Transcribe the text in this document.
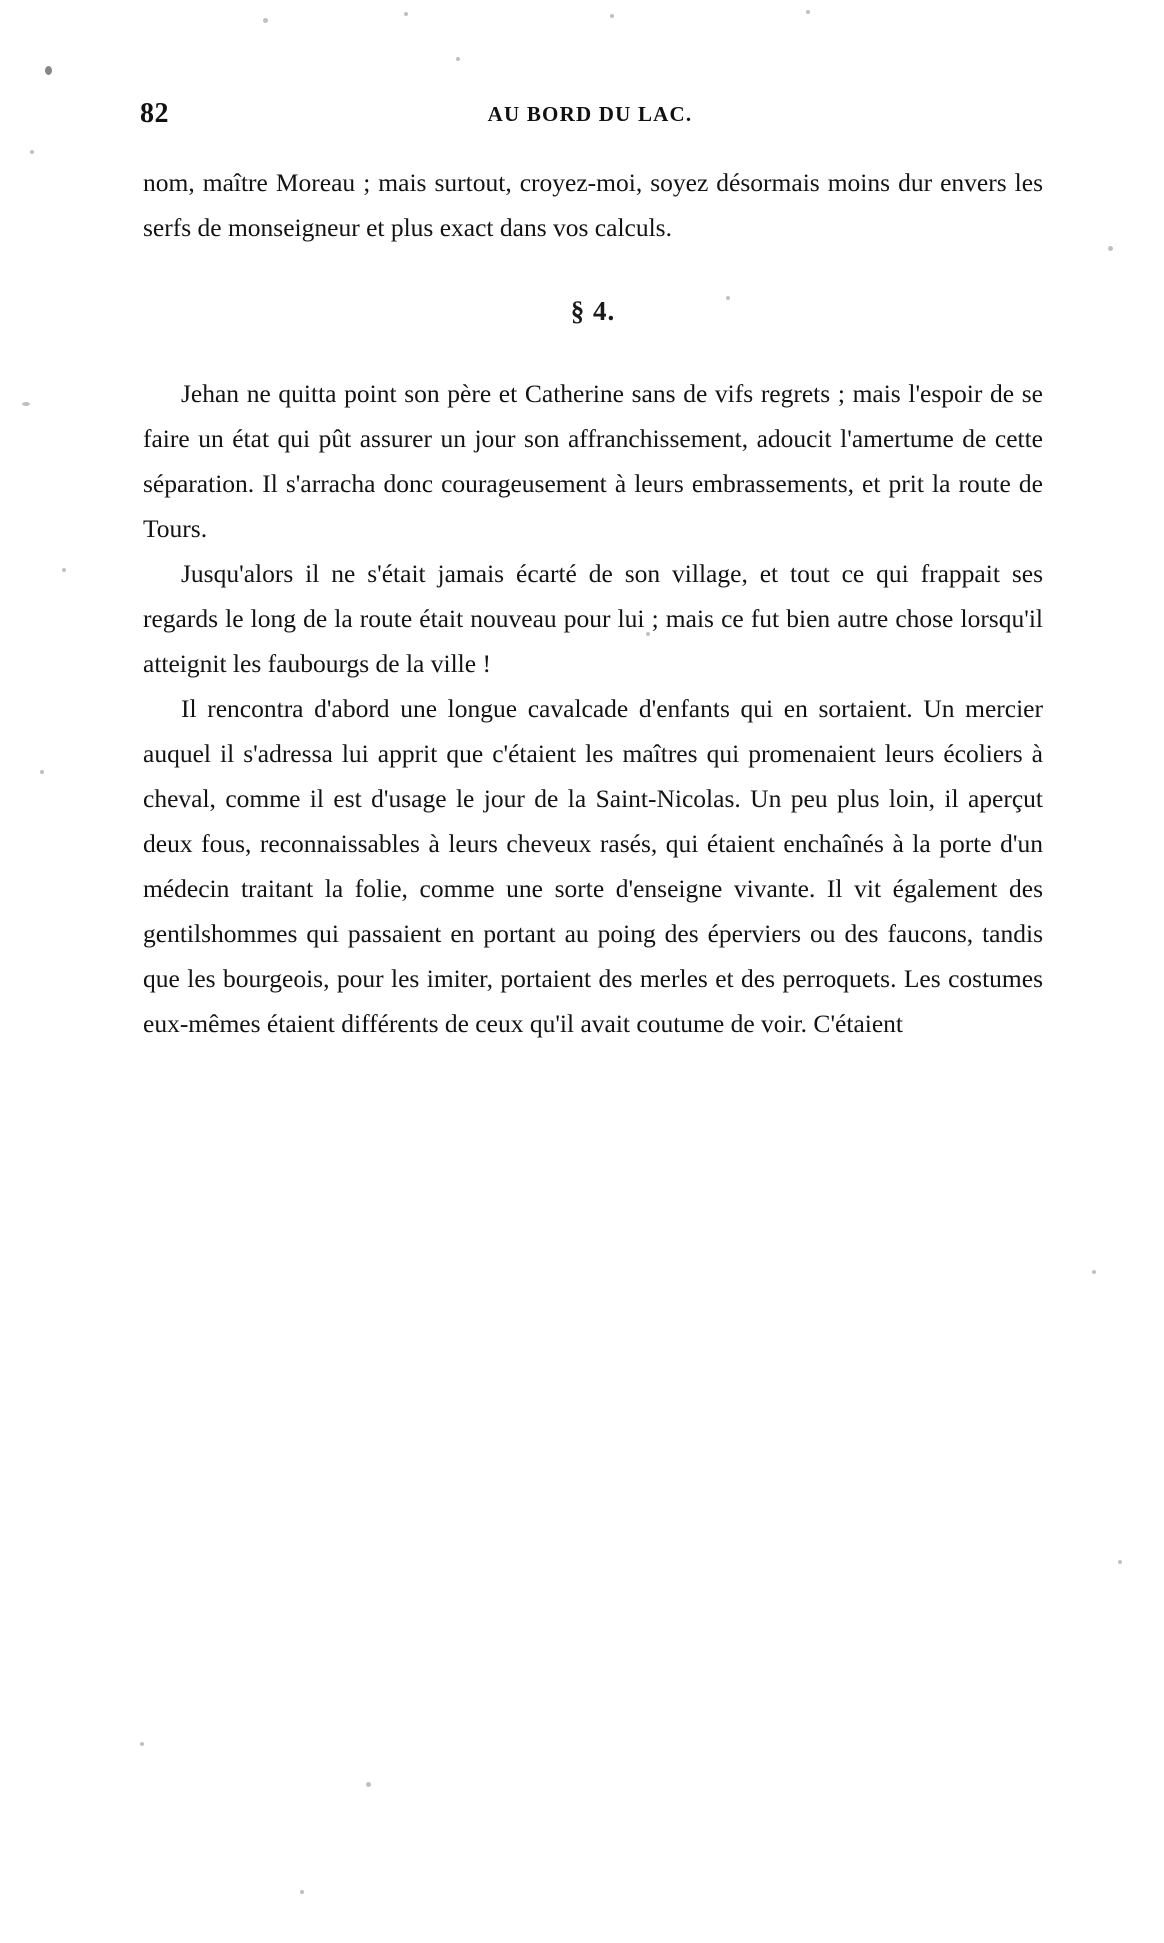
82	AU BORD DU LAC.

nom, maître Moreau ; mais surtout, croyez-moi, soyez désormais moins dur envers les serfs de monseigneur et plus exact dans vos calculs.

§ 4.

Jehan ne quitta point son père et Catherine sans de vifs regrets ; mais l'espoir de se faire un état qui pût assurer un jour son affranchissement, adoucit l'amertume de cette séparation. Il s'arracha donc courageusement à leurs embrassements, et prit la route de Tours.

Jusqu'alors il ne s'était jamais écarté de son village, et tout ce qui frappait ses regards le long de la route était nouveau pour lui ; mais ce fut bien autre chose lorsqu'il atteignit les faubourgs de la ville !

Il rencontra d'abord une longue cavalcade d'enfants qui en sortaient. Un mercier auquel il s'adressa lui apprit que c'étaient les maîtres qui promenaient leurs écoliers à cheval, comme il est d'usage le jour de la Saint-Nicolas. Un peu plus loin, il aperçut deux fous, reconnaissables à leurs cheveux rasés, qui étaient enchaînés à la porte d'un médecin traitant la folie, comme une sorte d'enseigne vivante. Il vit également des gentilshommes qui passaient en portant au poing des éperviers ou des faucons, tandis que les bourgeois, pour les imiter, portaient des merles et des perroquets. Les costumes eux-mêmes étaient différents de ceux qu'il avait coutume de voir. C'étaient
